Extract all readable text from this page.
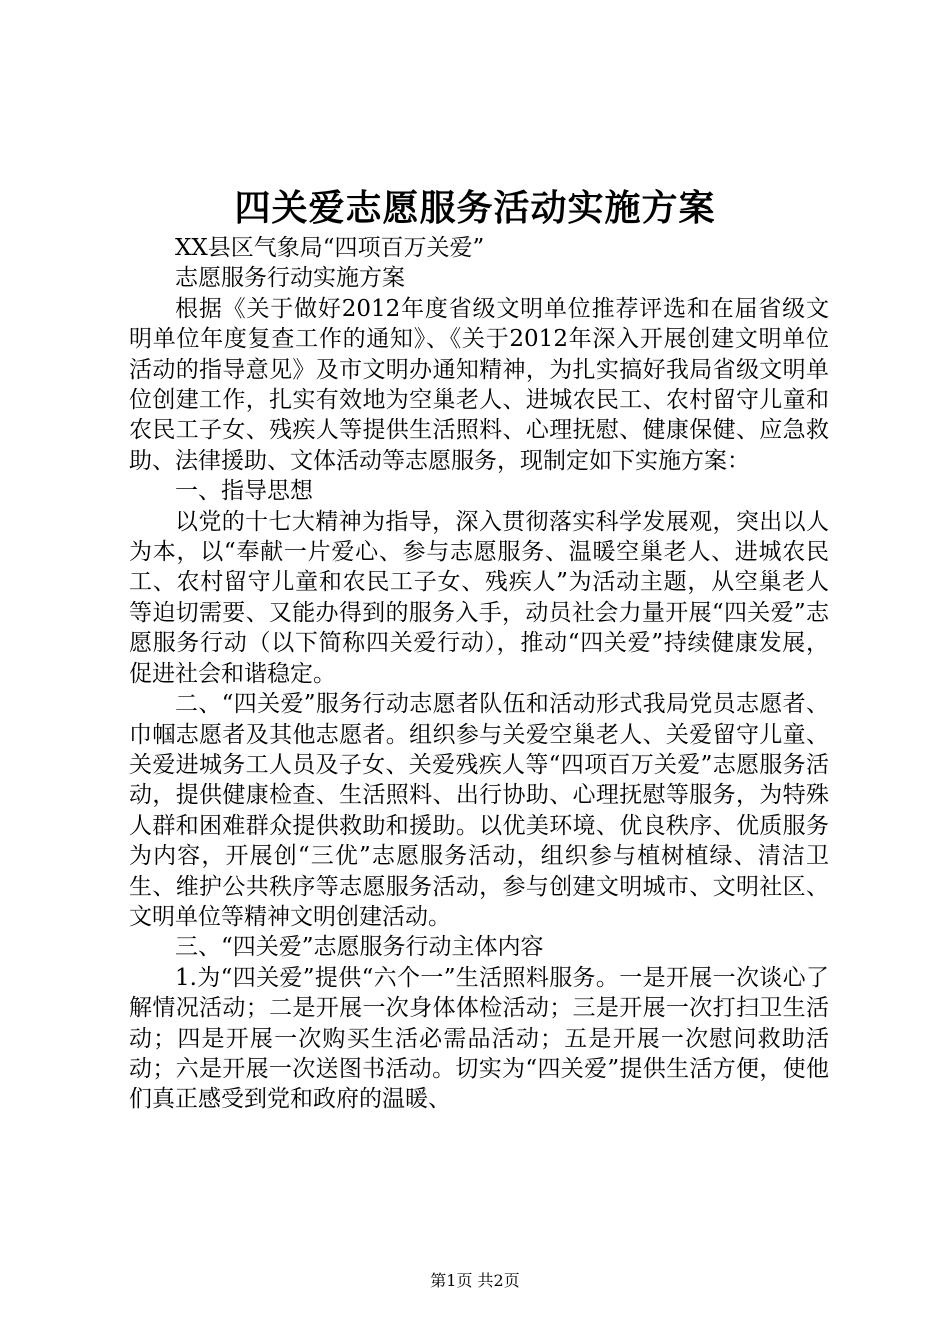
四关爱志愿服务活动实施方案

XX县区气象局“四项百万关爱”

志愿服务行动实施方案

根据《关于做好2012年度省级文明单位推荐评选和在届省级文明单位年度复查工作的通知》、《关于2012年深入开展创建文明单位活动的指导意见》及市文明办通知精神，为扎实搞好我局省级文明单位创建工作，扎实有效地为空巢老人、进城农民工、农村留守儿童和农民工子女、残疾人等提供生活照料、心理抚慰、健康保健、应急救助、法律援助、文体活动等志愿服务，现制定如下实施方案：

一、指导思想

以党的十七大精神为指导，深入贯彻落实科学发展观，突出以人为本，以“奉献一片爱心、参与志愿服务、温暖空巢老人、进城农民工、农村留守儿童和农民工子女、残疾人”为活动主题，从空巢老人等迫切需要、又能办得到的服务入手，动员社会力量开展“四关爱”志愿服务行动（以下简称四关爱行动），推动“四关爱”持续健康发展，促进社会和谐稳定。

二、“四关爱”服务行动志愿者队伍和活动形式我局党员志愿者、巾帼志愿者及其他志愿者。组织参与关爱空巢老人、关爱留守儿童、关爱进城务工人员及子女、关爱残疾人等“四项百万关爱”志愿服务活动，提供健康检查、生活照料、出行协助、心理抚慰等服务，为特殊人群和困难群众提供救助和援助。以优美环境、优良秩序、优质服务为内容，开展创“三优”志愿服务活动，组织参与植树植绿、清洁卫生、维护公共秩序等志愿服务活动，参与创建文明城市、文明社区、文明单位等精神文明创建活动。

三、“四关爱”志愿服务行动主体内容

1.为“四关爱”提供“六个一”生活照料服务。一是开展一次谈心了解情况活动；二是开展一次身体体检活动；三是开展一次打扫卫生活动；四是开展一次购买生活必需品活动；五是开展一次慰问救助活动；六是开展一次送图书活动。切实为“四关爱”提供生活方便，使他们真正感受到党和政府的温暖、

第1页 共2页
